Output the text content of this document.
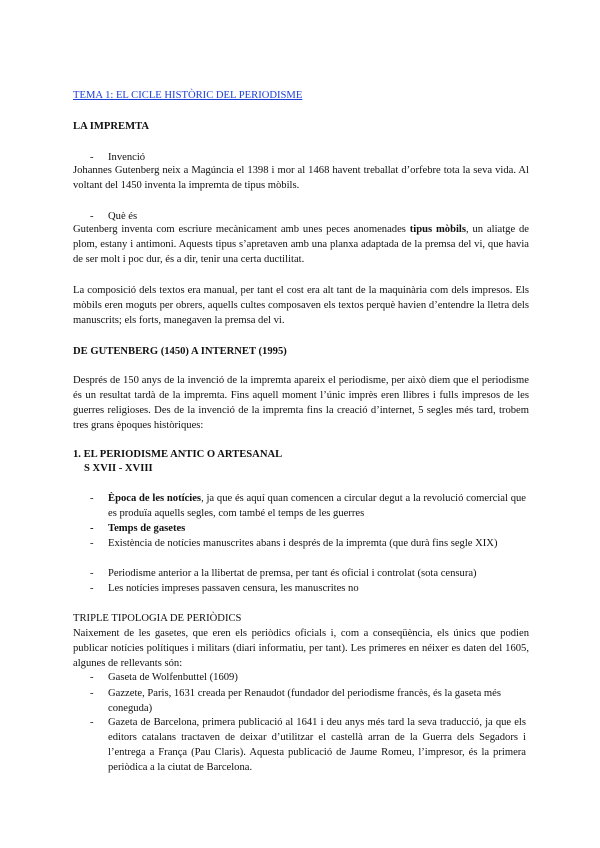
TEMA 1: EL CICLE HISTÒRIC DEL PERIODISME
LA IMPREMTA
- Invenció
Johannes Gutenberg neix a Magúncia el 1398 i mor al 1468 havent treballat d’orfebre tota la seva vida. Al voltant del 1450 inventa la impremta de tipus mòbils.
- Què és
Gutenberg inventa com escriure mecànicament amb unes peces anomenades tipus mòbils, un aliatge de plom, estany i antimoni. Aquests tipus s’apretaven amb una planxa adaptada de la premsa del vi, que havia de ser molt i poc dur, és a dir, tenir una certa ductilitat.
La composició dels textos era manual, per tant el cost era alt tant de la maquinària com dels impresos. Els mòbils eren moguts per obrers, aquells cultes composaven els textos perquè havien d’entendre la lletra dels manuscrits; els forts, manegaven la premsa del vi.
DE GUTENBERG (1450) A INTERNET (1995)
Després de 150 anys de la invenció de la impremta apareix el periodisme, per això diem que el periodisme és un resultat tardà de la impremta. Fins aquell moment l’únic imprès eren llibres i fulls impresos de les guerres religioses. Des de la invenció de la impremta fins la creació d’internet, 5 segles més tard, trobem tres grans èpoques històriques:
1. EL PERIODISME ANTIC O ARTESANAL
S XVII - XVIII
- Època de les notícies, ja que és aquí quan comencen a circular degut a la revolució comercial que es produïa aquells segles, com també el temps de les guerres
- Temps de gasetes
- Existència de notícies manuscrites abans i després de la impremta (que durà fins segle XIX)
- Periodisme anterior a la llibertat de premsa, per tant és oficial i controlat (sota censura)
- Les notícies impreses passaven censura, les manuscrites no
TRIPLE TIPOLOGIA DE PERIÒDICS
Naixement de les gasetes, que eren els periòdics oficials i, com a conseqüència, els únics que podien publicar notícies polítiques i militars (diari informatiu, per tant). Les primeres en néixer es daten del 1605, algunes de rellevants són:
- Gaseta de Wolfenbuttel (1609)
- Gazzete, Paris, 1631 creada per Renaudot (fundador del periodisme francès, és la gaseta més coneguda)
- Gazeta de Barcelona, primera publicació al 1641 i deu anys més tard la seva traducció, ja que els editors catalans tractaven de deixar d’utilitzar el castellà arran de la Guerra dels Segadors i l’entrega a França (Pau Claris). Aquesta publicació de Jaume Romeu, l’impresor, és la primera periòdica a la ciutat de Barcelona.
